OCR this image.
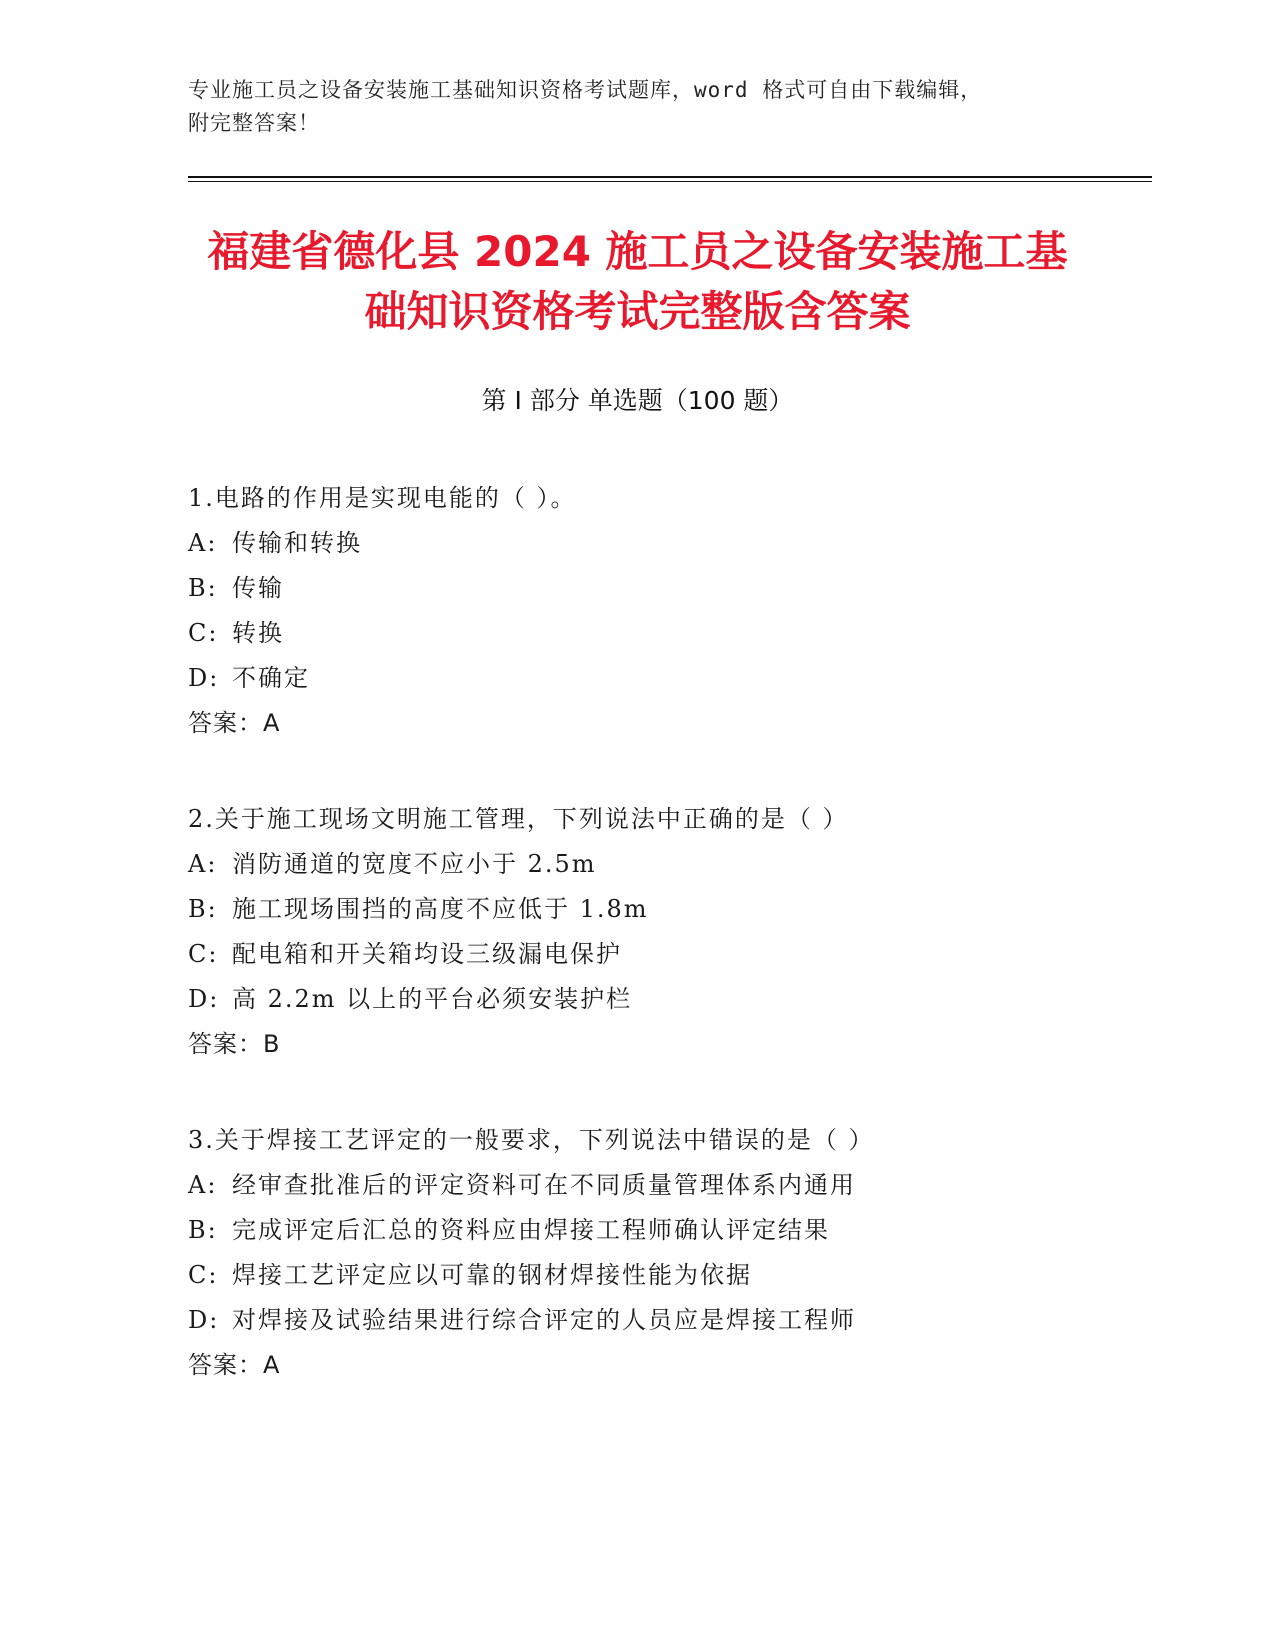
专业施工员之设备安装施工基础知识资格考试题库，word 格式可自由下载编辑，
附完整答案！
福建省德化县 2024 施工员之设备安装施工基
础知识资格考试完整版含答案
第 I 部分 单选题（100 题）
1.电路的作用是实现电能的（ ）。
A: 传输和转换
B: 传输
C: 转换
D: 不确定
答案：A
2.关于施工现场文明施工管理，下列说法中正确的是（ ）
A: 消防通道的宽度不应小于 2.5m
B: 施工现场围挡的高度不应低于 1.8m
C: 配电箱和开关箱均设三级漏电保护
D: 高 2.2m 以上的平台必须安装护栏
答案：B
3.关于焊接工艺评定的一般要求，下列说法中错误的是（ ）
A: 经审查批准后的评定资料可在不同质量管理体系内通用
B: 完成评定后汇总的资料应由焊接工程师确认评定结果
C: 焊接工艺评定应以可靠的钢材焊接性能为依据
D: 对焊接及试验结果进行综合评定的人员应是焊接工程师
答案：A
